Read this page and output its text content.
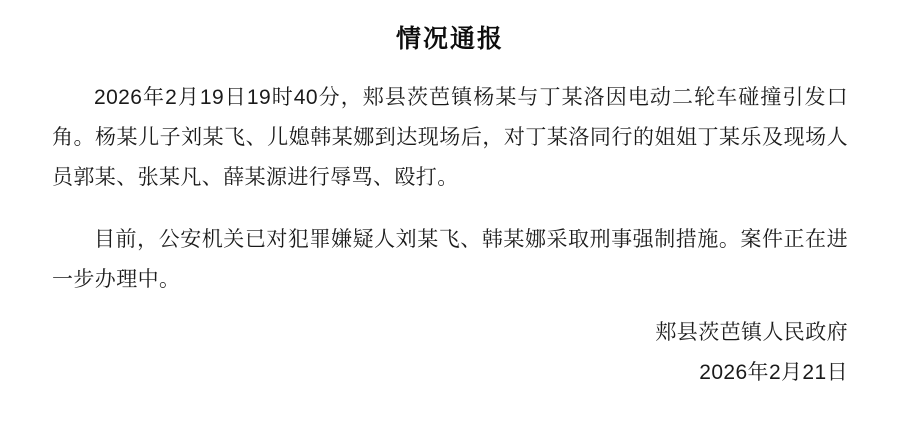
情况通报

2026年2月19日19时40分，郏县茨芭镇杨某与丁某洛因电动二轮车碰撞引发口角。杨某儿子刘某飞、儿媳韩某娜到达现场后，对丁某洛同行的姐姐丁某乐及现场人员郭某、张某凡、薛某源进行辱骂、殴打。

目前，公安机关已对犯罪嫌疑人刘某飞、韩某娜采取刑事强制措施。案件正在进一步办理中。

郏县茨芭镇人民政府
2026年2月21日
